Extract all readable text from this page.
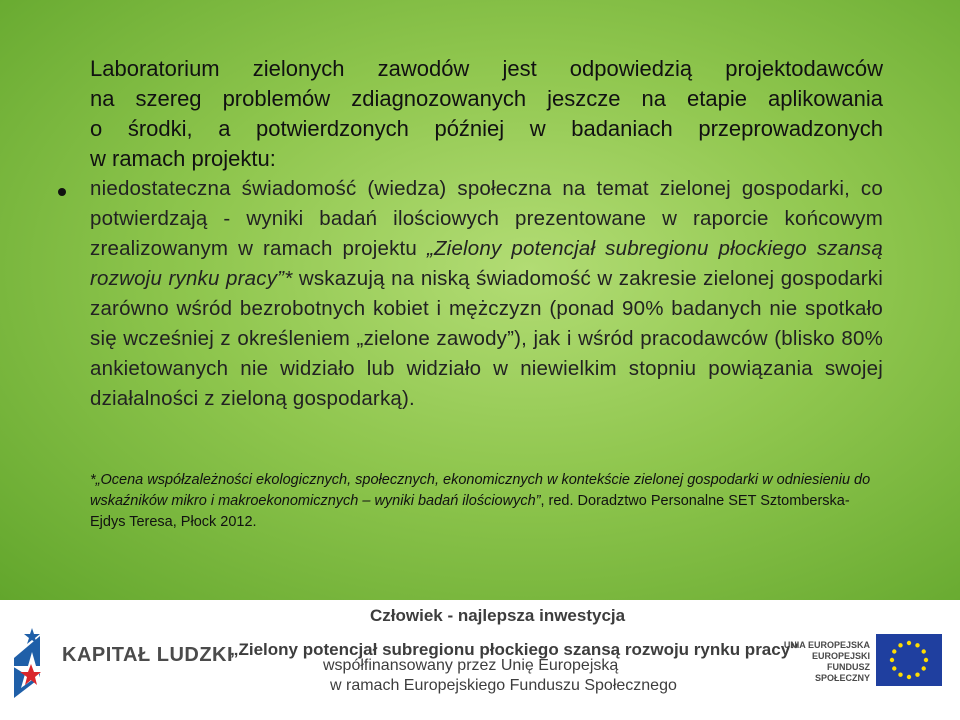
Laboratorium zielonych zawodów jest odpowiedzią projektodawców
na szereg problemów zdiagnozowanych jeszcze na etapie aplikowania
o środki, a potwierdzonych później w badaniach przeprowadzonych
w ramach projektu:
niedostateczna świadomość (wiedza) społeczna na temat zielonej gospodarki, co potwierdzają - wyniki badań ilościowych prezentowane w raporcie końcowym zrealizowanym w ramach projektu „Zielony potencjał subregionu płockiego szansą rozwoju rynku pracy”* wskazują na niską świadomość w zakresie zielonej gospodarki zarówno wśród bezrobotnych kobiet i mężczyzn (ponad 90% badanych nie spotkało się wcześniej z określeniem „zielone zawody”), jak i wśród pracodawców (blisko 80% ankietowanych nie widziało lub widziało w niewielkim stopniu powiązania swojej działalności z zieloną gospodarką).
*„Ocena współzależności ekologicznych, społecznych, ekonomicznych w kontekście zielonej gospodarki w odniesieniu do wskaźników mikro i makroekonomicznych – wyniki badań ilościowych”, red. Doradztwo Personalne SET Sztomberska-Ejdys Teresa, Płock 2012.
KAPITAŁ LUDZKI
Człowiek - najlepsza inwestycja
„Zielony potencjał subregionu płockiego szansą rozwoju rynku pracy”
współfinansowany przez Unię Europejską
w ramach Europejskiego Funduszu Społecznego
UNIA EUROPEJSKA
EUROPEJSKI
FUNDUSZ SPOŁECZNY
